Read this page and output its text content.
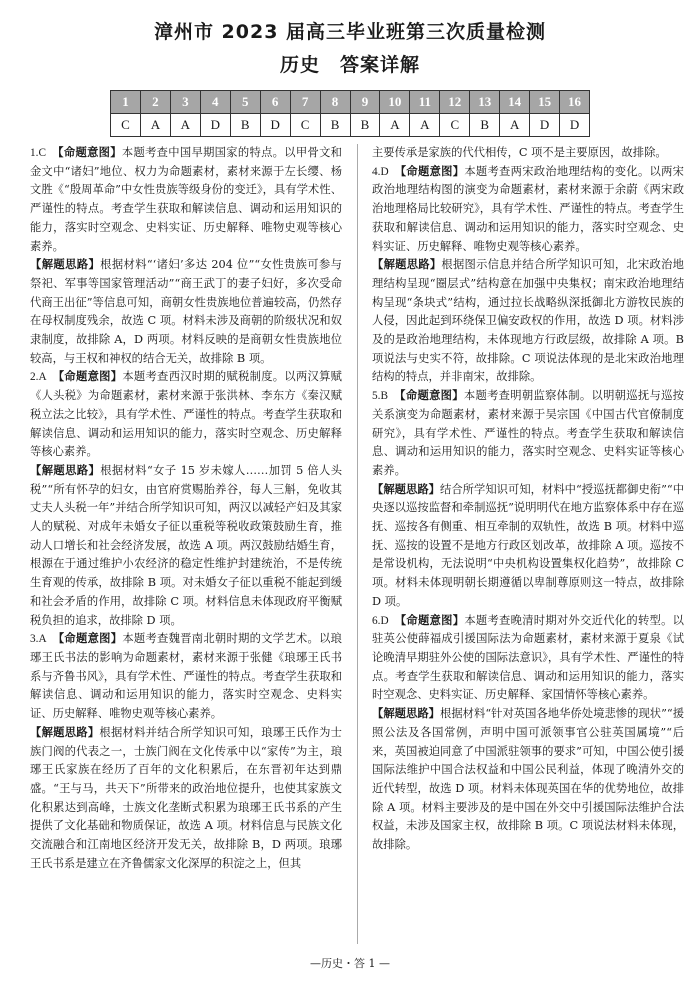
漳州市 2023 届高三毕业班第三次质量检测
历史　答案详解
1	2	3	4	5	6	7	8	9	10	11	12	13	14	15	16
C	A	A	D	B	D	C	B	B	A	A	C	B	A	D	D

1.C　 【命题意图】本题考查中国早期国家的特点。以甲骨文和金文中“诸妇”地位、权力为命题素材，素材来源于左长缨、杨文胜《“殷周革命”中女性贵族等级身份的变迁》，具有学术性、严谨性的特点。考查学生获取和解读信息、调动和运用知识的能力，落实时空观念、史料实证、历史解释、唯物史观等核心素养。

【解题思路】根据材料“‘诸妇’多达 204 位”“女性贵族可参与祭祀、军事等国家管理活动”“商王武丁的妻子妇好，多次受命代商王出征”等信息可知，商朝女性贵族地位普遍较高，仍然存在母权制度残余，故选 C 项。材料未涉及商朝的阶级状况和奴隶制度，故排除 A，D 两项。材料反映的是商朝女性贵族地位较高，与王权和神权的结合无关，故排除 B 项。

2.A　 【命题意图】本题考查西汉时期的赋税制度。以两汉算赋《人头税》为命题素材，素材来源于张洪林、李东方《秦汉赋税立法之比较》，具有学术性、严谨性的特点。考查学生获取和解读信息、调动和运用知识的能力，落实时空观念、历史解释等核心素养。

【解题思路】根据材料“女子 15 岁未嫁人……加罚 5 倍人头税”“所有怀孕的妇女，由官府赏赐胎养谷，每人三斛，免收其丈夫人头税一年”并结合所学知识可知，两汉以减轻产妇及其家人的赋税、对成年未婚女子征以重税等税收政策鼓励生育，推动人口增长和社会经济发展，故选 A 项。两汉鼓励结婚生育，根源在于通过维护小农经济的稳定性维护封建统治，不是传统生育观的传承，故排除 B 项。对未婚女子征以重税不能起到缓和社会矛盾的作用，故排除 C 项。材料信息未体现政府平衡赋税负担的追求，故排除 D 项。

3.A　 【命题意图】本题考查魏晋南北朝时期的文学艺术。以琅琊王氏书法的影响为命题素材，素材来源于张健《琅琊王氏书系与齐鲁书风》，具有学术性、严谨性的特点。考查学生获取和解读信息、调动和运用知识的能力，落实时空观念、史料实证、历史解释、唯物史观等核心素养。

【解题思路】根据材料并结合所学知识可知，琅琊王氏作为士族门阀的代表之一，士族门阀在文化传承中以“家传”为主，琅琊王氏家族在经历了百年的文化积累后，在东晋初年达到鼎盛。“王与马，共天下”所带来的政治地位提升，也使其家族文化积累达到高峰，士族文化垄断式积累为琅琊王氏书系的产生提供了文化基础和物质保证，故选 A 项。材料信息与民族文化交流融合和江南地区经济开发无关，故排除 B，D 两项。琅琊王氏书系是建立在齐鲁儒家文化深厚的积淀之上，但其

主要传承是家族的代代相传，C 项不是主要原因，故排除。

4.D　 【命题意图】本题考查两宋政治地理结构的变化。以两宋政治地理结构图的演变为命题素材，素材来源于余蔚《两宋政治地理格局比较研究》，具有学术性、严谨性的特点。考查学生获取和解读信息、调动和运用知识的能力，落实时空观念、史料实证、历史解释、唯物史观等核心素养。

【解题思路】根据图示信息并结合所学知识可知，北宋政治地理结构呈现“圈层式”结构意在加强中央集权；南宋政治地理结构呈现“条块式”结构，通过拉长战略纵深抵御北方游牧民族的人侵，因此起到环绕保卫偏安政权的作用，故选 D 项。材料涉及的是政治地理结构，未体现地方行政层级，故排除 A 项。B 项说法与史实不符，故排除。C 项说法体现的是北宋政治地理结构的特点，并非南宋，故排除。

5.B　 【命题意图】本题考查明朝监察体制。以明朝巡抚与巡按关系演变为命题素材，素材来源于吴宗国《中国古代官僚制度研究》，具有学术性、严谨性的特点。考查学生获取和解读信息、调动和运用知识的能力，落实时空观念、史料实证等核心素养。

【解题思路】结合所学知识可知，材料中“授巡抚都御史衔”“中央逐以巡按监督和牵制巡抚”说明明代在地方监察体系中存在巡抚、巡按各有侧重、相互牵制的双轨性，故选 B 项。材料中巡抚、巡按的设置不是地方行政区划改革，故排除 A 项。巡按不是常设机构，无法说明“中央机构设置集权化趋势”，故排除 C 项。材料未体现明朝长期遵循以卑制尊原则这一特点，故排除 D 项。

6.D　 【命题意图】本题考查晚清时期对外交近代化的转型。以驻英公使薛福成引援国际法为命题素材，素材来源于夏泉《试论晚清早期驻外公使的国际法意识》，具有学术性、严谨性的特点。考查学生获取和解读信息、调动和运用知识的能力，落实时空观念、史料实证、历史解释、家国情怀等核心素养。

【解题思路】根据材料“针对英国各地华侨处境悲惨的现状”“援照公法及各国常例，声明中国可派领事官公驻英国属境”“后来，英国被迫同意了中国派驻领事的要求”可知，中国公使引援国际法维护中国合法权益和中国公民利益，体现了晚清外交的近代转型，故选 D 项。材料未体现英国在华的优势地位，故排除 A 项。材料主要涉及的是中国在外交中引援国际法维护合法权益，未涉及国家主权，故排除 B 项。C 项说法材料未体现，故排除。

—历史・答 1 —
